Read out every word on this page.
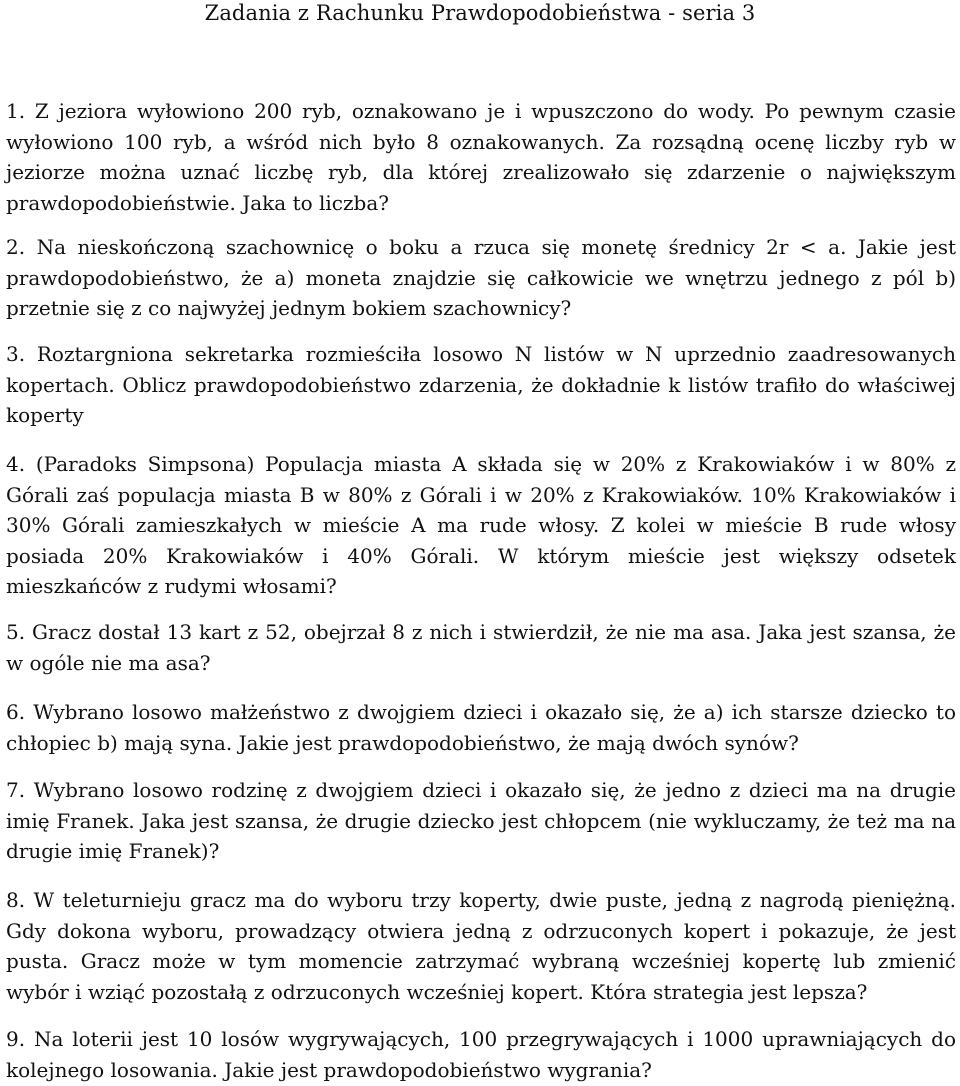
Zadania z Rachunku Prawdopodobieństwa - seria 3
1. Z jeziora wyłowiono 200 ryb, oznakowano je i wpuszczono do wody. Po pewnym czasie wyłowiono 100 ryb, a wśród nich było 8 oznakowanych. Za rozsądną ocenę liczby ryb w jeziorze można uznać liczbę ryb, dla której zrealizowało się zdarzenie o największym prawdopodobieństwie. Jaka to liczba?
2. Na nieskończoną szachownicę o boku a rzuca się monetę średnicy 2r < a. Jakie jest prawdopodobieństwo, że a) moneta znajdzie się całkowicie we wnętrzu jednego z pól b) przetnie się z co najwyżej jednym bokiem szachownicy?
3. Roztargniona sekretarka rozmieściła losowo N listów w N uprzednio zaadresowanych kopertach. Oblicz prawdopodobieństwo zdarzenia, że dokładnie k listów trafiło do właściwej koperty
4. (Paradoks Simpsona) Populacja miasta A składa się w 20% z Krakowiaków i w 80% z Górali zaś populacja miasta B w 80% z Górali i w 20% z Krakowiaków. 10% Krakowiaków i 30% Górali zamieszkałych w mieście A ma rude włosy. Z kolei w mieście B rude włosy posiada 20% Krakowiaków i 40% Górali. W którym mieście jest większy odsetek mieszkańców z rudymi włosami?
5. Gracz dostał 13 kart z 52, obejrzał 8 z nich i stwierdził, że nie ma asa. Jaka jest szansa, że w ogóle nie ma asa?
6. Wybrano losowo małżeństwo z dwojgiem dzieci i okazało się, że a) ich starsze dziecko to chłopiec b) mają syna. Jakie jest prawdopodobieństwo, że mają dwóch synów?
7. Wybrano losowo rodzinę z dwojgiem dzieci i okazało się, że jedno z dzieci ma na drugie imię Franek. Jaka jest szansa, że drugie dziecko jest chłopcem (nie wykluczamy, że też ma na drugie imię Franek)?
8. W teleturnieju gracz ma do wyboru trzy koperty, dwie puste, jedną z nagrodą pieniężną. Gdy dokona wyboru, prowadzący otwiera jedną z odrzuconych kopert i pokazuje, że jest pusta. Gracz może w tym momencie zatrzymać wybraną wcześniej kopertę lub zmienić wybór i wziąć pozostałą z odrzuconych wcześniej kopert. Która strategia jest lepsza?
9. Na loterii jest 10 losów wygrywających, 100 przegrywających i 1000 uprawniających do kolejnego losowania. Jakie jest prawdopodobieństwo wygrania?
